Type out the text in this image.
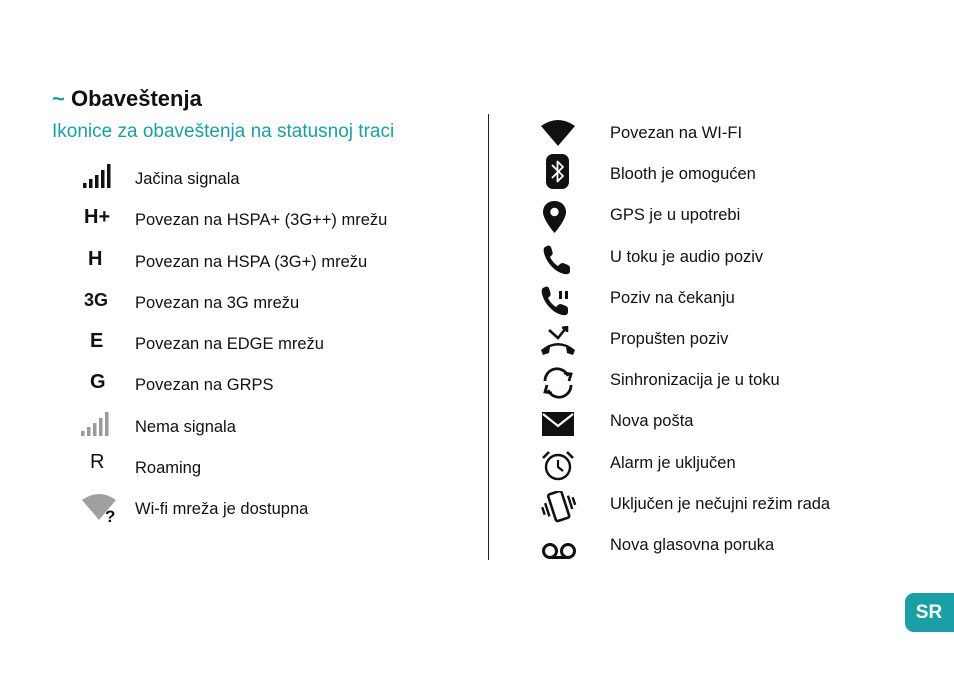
~ Obaveštenja
Ikonice za obaveštenja na statusnoj traci
Jačina signala
H+ Povezan na HSPA+ (3G++) mrežu
H Povezan na HSPA (3G+) mrežu
3G Povezan na 3G mrežu
E Povezan na EDGE mrežu
G Povezan na GRPS
Nema signala
R Roaming
? Wi-fi mreža je dostupna
Povezan na WI-FI
Blooth je omogućen
GPS je u upotrebi
U toku je audio poziv
Poziv na čekanju
Propušten poziv
Sinhronizacija je u toku
Nova pošta
Alarm je uključen
Uključen je nečujni režim rada
Nova glasovna poruka
SR
